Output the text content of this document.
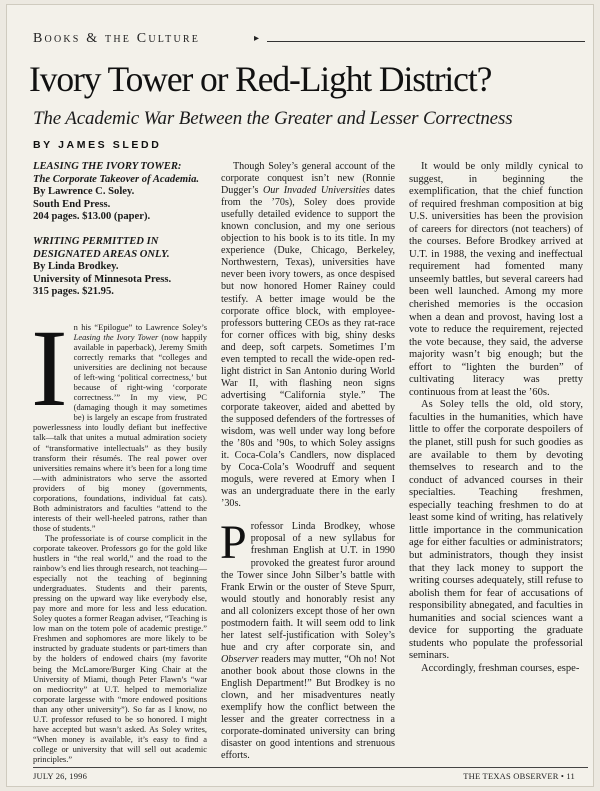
Books & the Culture	▸
Ivory Tower or Red-Light District?
The Academic War Between the Greater and Lesser Correctness
BY JAMES SLEDD
LEASING THE IVORY TOWER:
The Corporate Takeover of Academia.
By Lawrence C. Soley.
South End Press.
204 pages. $13.00 (paper).
WRITING PERMITTED IN
DESIGNATED AREAS ONLY.
By Linda Brodkey.
University of Minnesota Press.
315 pages. $21.95.

In his “Epilogue” to Lawrence Soley’s Leasing the Ivory Tower (now happily available in paperback), Jeremy Smith correctly remarks that “colleges and universities are declining not because of left-wing ‘political correctness,’ but because of right-wing ‘corporate correctness.’” In my view, PC (damaging though it may sometimes be) is largely an escape from frustrated powerlessness into loudly defiant but ineffective talk—talk that unites a mutual admiration society of “transformative intellectuals” as they busily transform their résumés. The real power over universities remains where it’s been for a long time—with administrators who serve the assorted providers of big money (governments, corporations, foundations, individual fat cats). Both administrators and faculties “attend to the interests of their well-heeled patrons, rather than those of students.”

The professoriate is of course complicit in the corporate takeover. Professors go for the gold like hustlers in “the real world,” and the road to the rainbow’s end lies through research, not teaching—especially not the teaching of beginning undergraduates. Students and their parents, pressing on the upward way like everybody else, pay more and more for less and less education. Soley quotes a former Reagan adviser, “Teaching is low man on the totem pole of academic prestige.” Freshmen and sophomores are more likely to be instructed by graduate students or part-timers than by the holders of endowed chairs (my favorite being the McLamore/Burger King Chair at the University of Miami, though Peter Flawn’s “war on mediocrity” at U.T. helped to memorialize corporate largesse with “more endowed positions than any other university”). So far as I know, no U.T. professor refused to be so honored. I might have accepted but wasn’t asked. As Soley writes, “When money is available, it’s easy to find a college or university that will sell out academic principles.”

Though Soley’s general account of the corporate conquest isn’t new (Ronnie Dugger’s Our Invaded Universities dates from the ’70s), Soley does provide usefully detailed evidence to support the known conclusion, and my one serious objection to his book is to its title. In my experience (Duke, Chicago, Berkeley, Northwestern, Texas), universities have never been ivory towers, as once despised but now honored Homer Rainey could testify. A better image would be the corporate office block, with employee-professors buttering CEOs as they rat-race for corner offices with big, shiny desks and deep, soft carpets. Sometimes I’m even tempted to recall the wide-open red-light district in San Antonio during World War II, with flashing neon signs advertising “California style.” The corporate takeover, aided and abetted by the supposed defenders of the fortresses of wisdom, was well under way long before the ’80s and ’90s, to which Soley assigns it. Coca-Cola’s Candlers, now displaced by Coca-Cola’s Woodruff and sequent moguls, were revered at Emory when I was an undergraduate there in the early ’30s.

Professor Linda Brodkey, whose proposal of a new syllabus for freshman English at U.T. in 1990 provoked the greatest furor around the Tower since John Silber’s battle with Frank Erwin or the ouster of Steve Spurr, would stoutly and honorably resist any and all colonizers except those of her own postmodern faith. It will seem odd to link her latest self-justification with Soley’s hue and cry after corporate sin, and Observer readers may mutter, “Oh no! Not another book about those clowns in the English Department!” But Brodkey is no clown, and her misadventures neatly exemplify how the conflict between the lesser and the greater correctness in a corporate-dominated university can bring disaster on good intentions and strenuous efforts.

It would be only mildly cynical to suggest, in beginning the exemplification, that the chief function of required freshman composition at big U.S. universities has been the provision of careers for directors (not teachers) of the courses. Before Brodkey arrived at U.T. in 1988, the vexing and ineffectual requirement had fomented many unseemly battles, but several careers had been well launched. Among my more cherished memories is the occasion when a dean and provost, having lost a vote to reduce the requirement, rejected the vote because, they said, the adverse majority wasn’t big enough; but the effort to “lighten the burden” of cultivating literacy was pretty continuous from at least the ’60s.

As Soley tells the old, old story, faculties in the humanities, which have little to offer the corporate despoilers of the planet, still push for such goodies as are available to them by devoting themselves to research and to the conduct of advanced courses in their specialties. Teaching freshmen, especially teaching freshmen to do at least some kind of writing, has relatively little importance in the communication age for either faculties or administrators; but administrators, though they insist that they lack money to support the writing courses adequately, still refuse to abolish them for fear of accusations of responsibility abnegated, and faculties in humanities and social sciences want a device for supporting the graduate students who populate the professorial seminars.

Accordingly, freshman courses, espe-

JULY 26, 1996	THE TEXAS OBSERVER • 11
